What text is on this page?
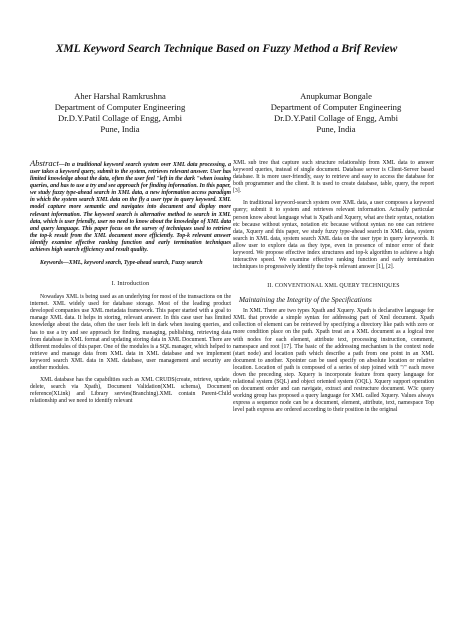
XML Keyword Search Technique Based on Fuzzy Method a Brif Review
Aher Harshal Ramkrushna
Department of Computer Engineering
Dr.D.Y.Patil Collage of Engg, Ambi
Pune, India
Anupkumar Bongale
Department of Computer Engineering
Dr.D.Y.Patil Collage of Engg, Ambi
Pune, India

Abstract—In a traditional keyword search system over XML data processing, a user takes a keyword query, submit to the system, retrieves relevant answer. User has limited knowledge about the data, often the user feel "left in the dark "when issuing queries, and has to use a try and see approach for finding information. In this paper, we study fuzzy type-ahead search in XML data, a new information access paradigm in which the system search XML data on the fly a user type in query keyword. XML model capture more semantic and navigates into document and display more relevant information. The keyword search is alternative method to search in XML data, which is user friendly, user no need to know about the knowledge of XML data and query language. This paper focus on the survey of techniques used to retrieve the top-k result from the XML document more efficiently. Top-k relevant answer identify examine effective ranking function and early termination techniques achieves high search efficiency and result quality.

Keywords—XML, keyword search, Type-ahead search, Fuzzy search

I. Introduction

Nowadays XML is being used as an underlying for most of the transactions on the internet. XML widely used for database storage. Most of the leading product developed companies use XML metadata framework. This paper started with a goal to manage XML data. It helps in storing, relevant answer. In this case user has limited knowledge about the data, often the user feels left in dark when issuing queries, and has to use a try and see approach for finding, managing, publishing, retrieving data from database in XML format and updating storing data in XML Document. There are different modules of this paper. One of the modules is a SQL manager, which helped to retrieve and manage data from XML data in XML database and we implement keyword search XML data in XML database, user management and security are another modules.

XML database has the capabilities such as XML CRUDS(create, retrieve, update, delete, search via Xpath), Document Validation(XML schema), Document reference(XLink) and Library servies(Branching).XML contain Parent-Child relationship and we need to identify relevant

XML sub tree that capture such structure relationship from XML data to answer keyword queries, instead of single document. Database server is Client-Server based database. It is more user-friendly, easy to retrieve and easy to access the database for both programmer and the client. It is used to create database, table, query, the report [3].

In traditional keyword-search system over XML data, a user composes a keyword query; submit it to system and retrieves relevant information. Actually particular person know about language what is Xpath and Xquery, what are their syntax, notation etc because without syntax, notation etc because without syntax no one can retrieve data, Xquery and this paper, we study fuzzy type-ahead search in XML data, system search in XML data, system search XML data on the user type in query keywords. It allow user to explore data as they type, even in presence of minor error of their keyword. We propose effective index structures and top-k algorithm to achieve a high interactive speed. We examine effective ranking function and early termination techniques to progressively identify the top-k relevant answer [1], [2].

II. CONVENTIONAL XML QUERY TECHNIQUES
Maintaining the Integrity of the Specifications

In XML There are two types Xpath and Xquery. Xpath is declarative language for XML that provide a simple syntax for addressing part of Xml document. Xpath collection of element can be retrieved by specifying a directory like path with zero or more condition place on the path. Xpath treat an a XML document as a logical tree with nodes for each element, attribute text, processing instruction, comment, namespace and root [17]. The basic of the addressing mechanism is the context node (start node) and location path which describe a path from one point in an XML document to another. Xpointer can be used specify on absolute location or relative location. Location of path is composed of a series of step joined with "/" each move down the preceding step. Xquery is incorporate feature from query language for relational system (SQL) and object oriented system (OQL). Xquery support operation on document order and can navigate, extract and restructure document. W3c query working group has proposed a query language for XML called Xquery. Values always express a sequence node can be a document, element, attribute, text, namespace Top level path express are ordered according to their position in the original
